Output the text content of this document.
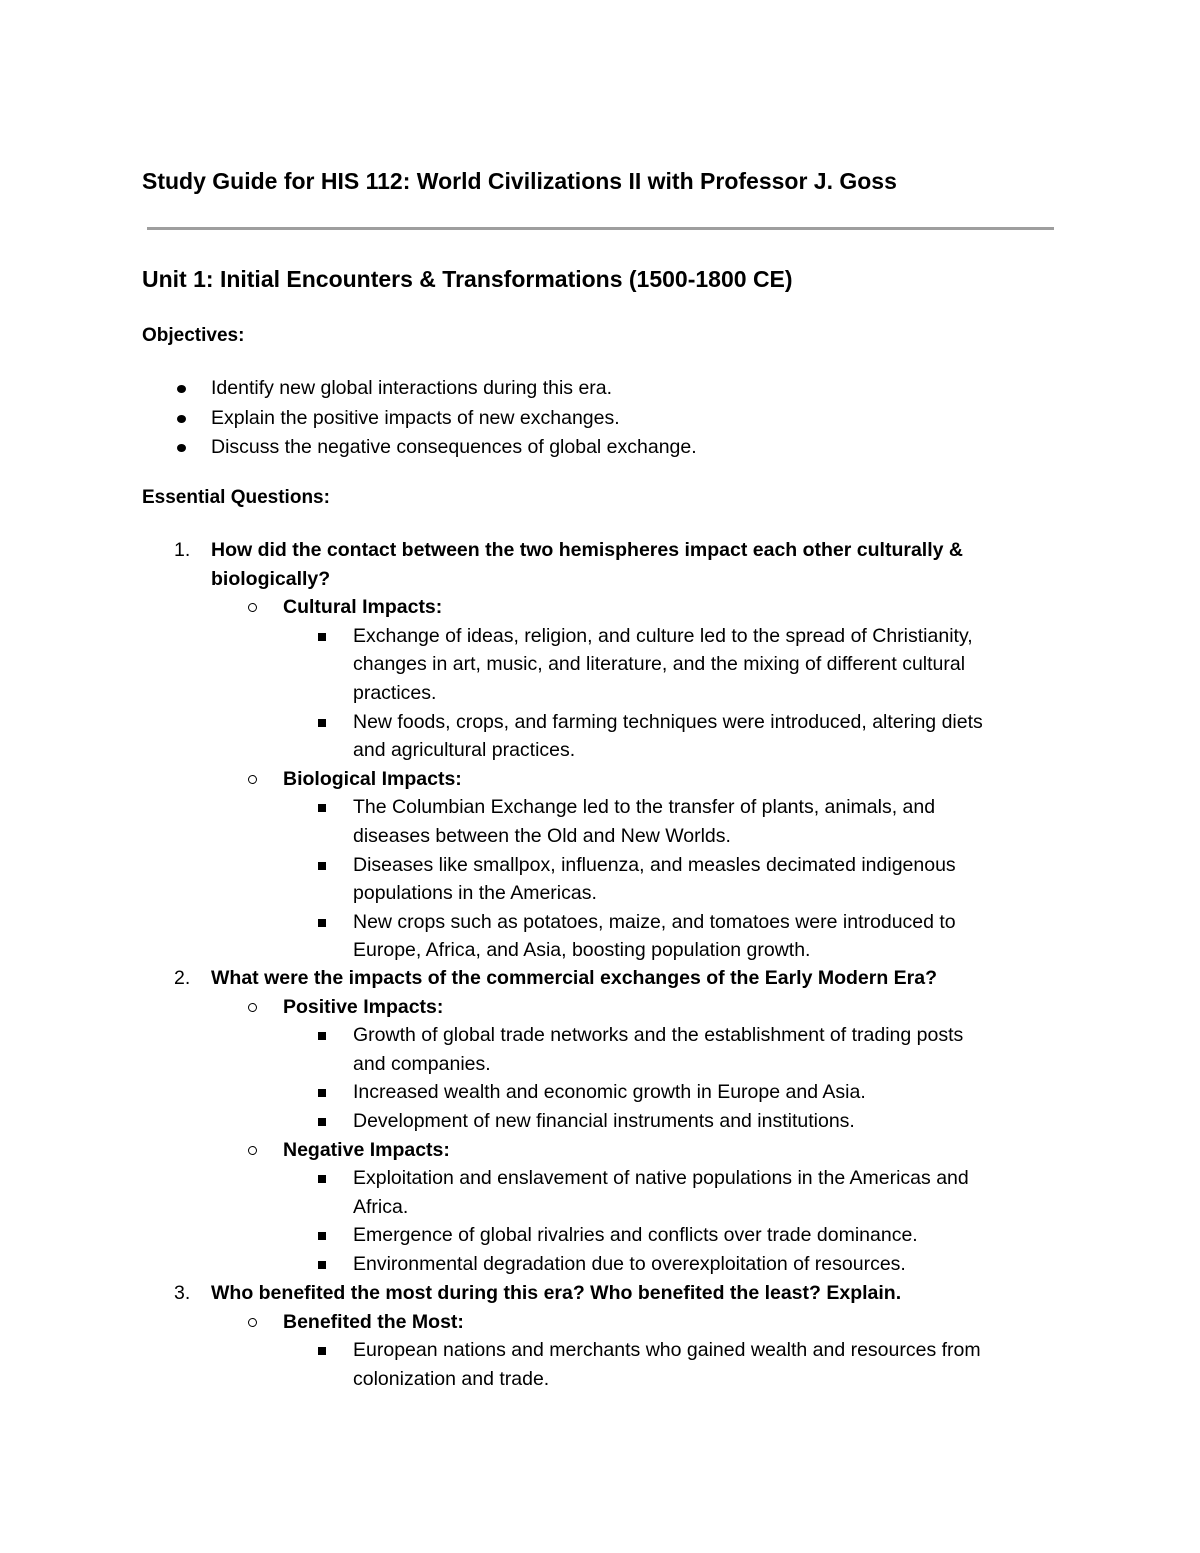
Study Guide for HIS 112: World Civilizations II with Professor J. Goss
Unit 1: Initial Encounters & Transformations (1500-1800 CE)
Objectives:
Identify new global interactions during this era.
Explain the positive impacts of new exchanges.
Discuss the negative consequences of global exchange.
Essential Questions:
1. How did the contact between the two hemispheres impact each other culturally &
biologically?
Cultural Impacts:
Exchange of ideas, religion, and culture led to the spread of Christianity,
changes in art, music, and literature, and the mixing of different cultural
practices.
New foods, crops, and farming techniques were introduced, altering diets
and agricultural practices.
Biological Impacts:
The Columbian Exchange led to the transfer of plants, animals, and
diseases between the Old and New Worlds.
Diseases like smallpox, influenza, and measles decimated indigenous
populations in the Americas.
New crops such as potatoes, maize, and tomatoes were introduced to
Europe, Africa, and Asia, boosting population growth.
2. What were the impacts of the commercial exchanges of the Early Modern Era?
Positive Impacts:
Growth of global trade networks and the establishment of trading posts
and companies.
Increased wealth and economic growth in Europe and Asia.
Development of new financial instruments and institutions.
Negative Impacts:
Exploitation and enslavement of native populations in the Americas and
Africa.
Emergence of global rivalries and conflicts over trade dominance.
Environmental degradation due to overexploitation of resources.
3. Who benefited the most during this era? Who benefited the least? Explain.
Benefited the Most:
European nations and merchants who gained wealth and resources from
colonization and trade.
